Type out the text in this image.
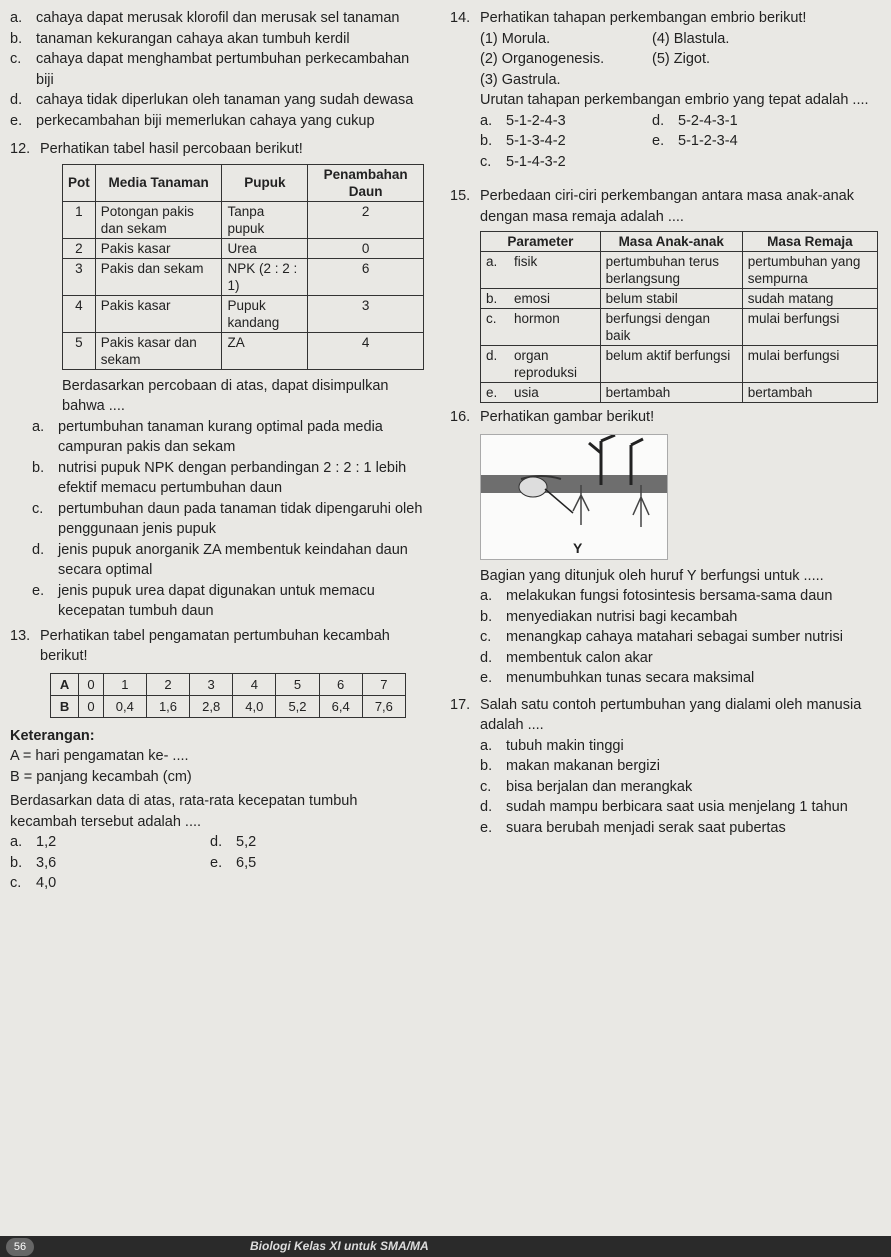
a. cahaya dapat merusak klorofil dan merusak sel tanaman
b. tanaman kekurangan cahaya akan tumbuh kerdil
c.	cahaya dapat menghambat pertumbuhan perkecambahan biji
d. cahaya tidak diperlukan oleh tanaman yang sudah dewasa
e. perkecambahan biji memerlukan cahaya yang cukup
12. Perhatikan tabel hasil percobaan berikut!
Pot	Media Tanaman	Pupuk	Penambahan Daun
1	Potongan pakis dan sekam	Tanpa pupuk	2
2	Pakis kasar	Urea	0
3	Pakis dan sekam	NPK (2 : 2 : 1)	6
4	Pakis kasar	Pupuk kandang	3
5	Pakis kasar dan sekam	ZA	4
Berdasarkan percobaan di atas, dapat disimpulkan bahwa ....
a. pertumbuhan tanaman kurang optimal pada media campuran pakis dan sekam
b. nutrisi pupuk NPK dengan perbandingan 2 : 2 : 1 lebih efektif memacu pertumbuhan daun
c.	pertumbuhan daun pada tanaman tidak dipengaruhi oleh penggunaan jenis pupuk
d. jenis pupuk anorganik ZA membentuk keindahan daun secara optimal
e. jenis pupuk urea dapat digunakan untuk memacu kecepatan tumbuh daun
13. Perhatikan tabel pengamatan pertumbuhan kecambah berikut!
A	0	1	2	3	4	5	6	7
B	0	0,4	1,6	2,8	4,0	5,2	6,4	7,6
Keterangan:
A = hari pengamatan ke- ....
B = panjang kecambah (cm)
Berdasarkan data di atas, rata-rata kecepatan tumbuh kecambah tersebut adalah ....
a. 1,2	d. 5,2
b. 3,6	e. 6,5
c.	4,0
14. Perhatikan tahapan perkembangan embrio berikut!
(1) Morula.	(4) Blastula.
(2) Organogenesis.	(5) Zigot.
(3) Gastrula.
Urutan tahapan perkembangan embrio yang tepat adalah ....
a. 5-1-2-4-3	d. 5-2-4-3-1
b. 5-1-3-4-2	e. 5-1-2-3-4
c.	5-1-4-3-2
15. Perbedaan ciri-ciri perkembangan antara masa anak-anak dengan masa remaja adalah ....
Parameter		Masa Anak-anak	Masa Remaja
a.	fisik	pertumbuhan terus berlangsung	pertumbuhan yang sempurna
b.	emosi	belum stabil	sudah matang
c.	hormon	berfungsi dengan baik	mulai berfungsi
d.	organ reproduksi	belum aktif berfungsi	mulai berfungsi
e.	usia	bertambah	bertambah
16. Perhatikan gambar berikut!
Y
Bagian yang ditunjuk oleh huruf Y berfungsi untuk .....
a. melakukan fungsi fotosintesis bersama-sama daun
b. menyediakan nutrisi bagi kecambah
c.	menangkap cahaya matahari sebagai sumber nutrisi
d. membentuk calon akar
e. menumbuhkan tunas secara maksimal
17. Salah satu contoh pertumbuhan yang dialami oleh manusia adalah ....
a. tubuh makin tinggi
b. makan makanan bergizi
c.	bisa berjalan dan merangkak
d. sudah mampu berbicara saat usia menjelang 1 tahun
e. suara berubah menjadi serak saat pubertas
Biologi Kelas XI untuk SMA/MA
56
